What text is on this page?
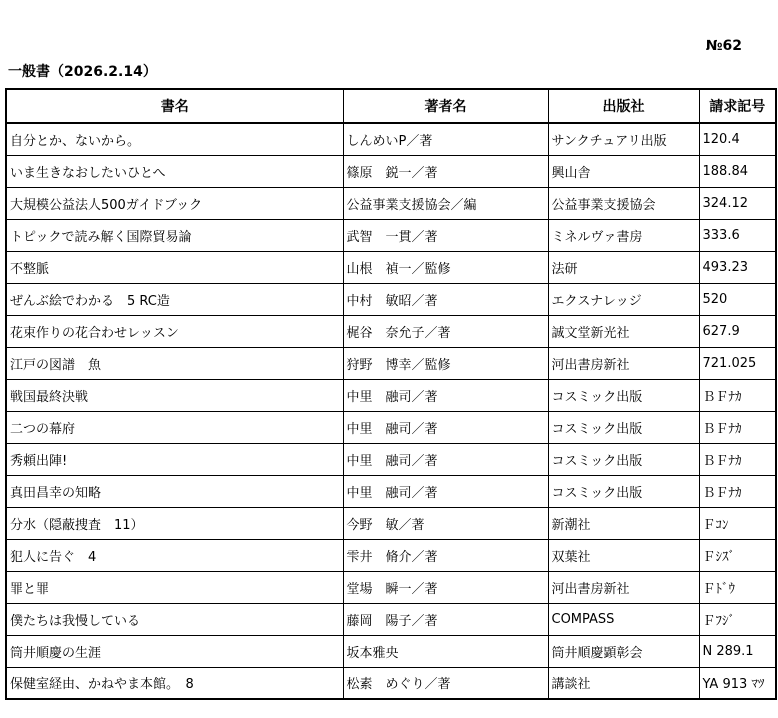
№62
一般書（2026.2.14）
書名	著者名	出版社	請求記号
自分とか、ないから。	しんめいP／著	サンクチュアリ出版	120.4
いま生きなおしたいひとへ	篠原　鋭一／著	興山舎	188.84
大規模公益法人500ガイドブック	公益事業支援協会／編	公益事業支援協会	324.12
トピックで読み解く国際貿易論	武智　一貫／著	ミネルヴァ書房	333.6
不整脈	山根　禎一／監修	法研	493.23
ぜんぶ絵でわかる　5 RC造	中村　敏昭／著	エクスナレッジ	520
花束作りの花合わせレッスン	梶谷　奈允子／著	誠文堂新光社	627.9
江戸の図譜　魚	狩野　博幸／監修	河出書房新社	721.025
戦国最終決戦	中里　融司／著	コスミック出版	ＢＦﾅｶ
二つの幕府	中里　融司／著	コスミック出版	ＢＦﾅｶ
秀頼出陣!	中里　融司／著	コスミック出版	ＢＦﾅｶ
真田昌幸の知略	中里　融司／著	コスミック出版	ＢＦﾅｶ
分水（隠蔽捜査　11）	今野　敏／著	新潮社	Ｆｺﾝ
犯人に告ぐ　4	雫井　脩介／著	双葉社	Ｆｼｽﾞ
罪と罪	堂場　瞬一／著	河出書房新社	Ｆﾄﾞｳ
僕たちは我慢している	藤岡　陽子／著	COMPASS	Ｆﾌｼﾞ
筒井順慶の生涯	坂本雅央	筒井順慶顕彰会	N 289.1
保健室経由、かねやま本館。　8	松素　めぐり／著	講談社	YA 913 ﾏﾂ
